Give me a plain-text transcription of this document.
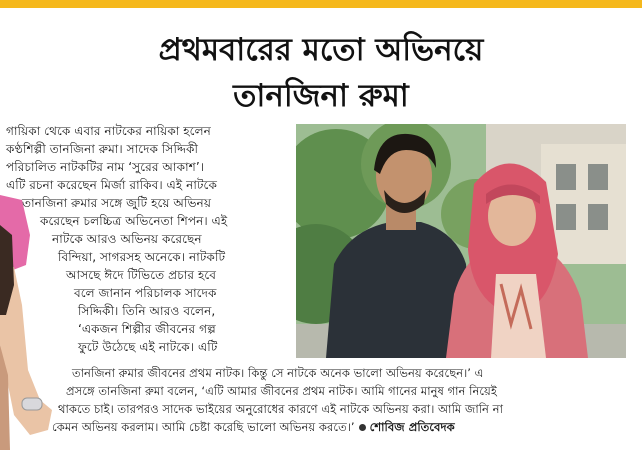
প্রথমবারের মতো অভিনয়ে
তানজিনা রুমা
গায়িকা থেকে এবার নাটকের নায়িকা হলেন
কণ্ঠশিল্পী তানজিনা রুমা। সাদেক সিদ্দিকী
পরিচালিত নাটকটির নাম ‘সুরের আকাশ’।
এটি রচনা করেছেন মির্জা রাকিব। এই নাটকে
তানজিনা রুমার সঙ্গে জুটি হয়ে অভিনয়
করেছেন চলচ্চিত্র অভিনেতা শিপন। এই
নাটকে আরও অভিনয় করেছেন
বিন্দিয়া, সাগরসহ অনেকে। নাটকটি
আসছে ঈদে টিভিতে প্রচার হবে
বলে জানান পরিচালক সাদেক
সিদ্দিকী। তিনি আরও বলেন,
‘একজন শিল্পীর জীবনের গল্প
ফুটে উঠেছে এই নাটকে। এটি
তানজিনা রুমার জীবনের প্রথম নাটক। কিন্তু সে নাটকে অনেক ভালো অভিনয় করেছেন।’ এ
প্রসঙ্গে তানজিনা রুমা বলেন, ‘এটি আমার জীবনের প্রথম নাটক। আমি গানের মানুষ গান নিয়েই
থাকতে চাই। তারপরও সাদেক ভাইয়ের অনুরোধের কারণে এই নাটকে অভিনয় করা। আমি জানি না
কেমন অভিনয় করলাম। আমি চেষ্টা করেছি ভালো অভিনয় করতে।’ শোবিজ প্রতিবেদক
